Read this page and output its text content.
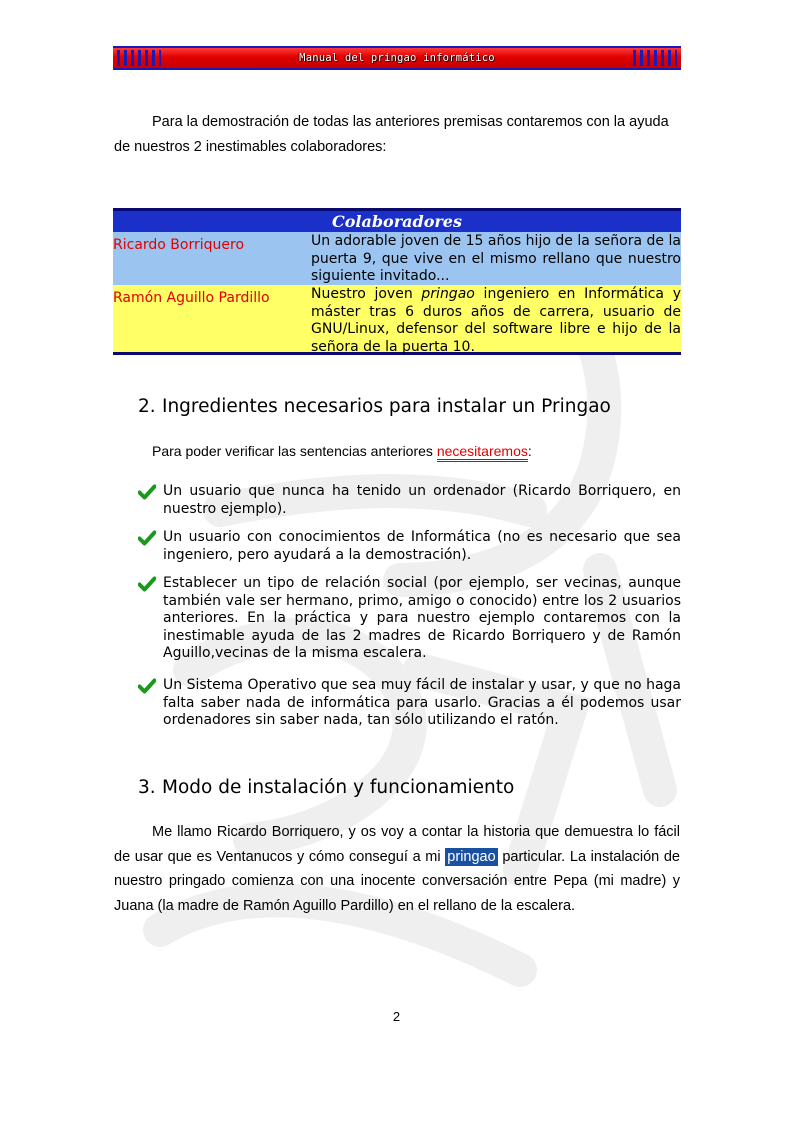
Manual del pringao informático

Para la demostración de todas las anteriores premisas contaremos con la ayuda de nuestros 2 inestimables colaboradores:

Colaboradores
Ricardo Borriquero	Un adorable joven de 15 años hijo de la señora de la puerta 9, que vive en el mismo rellano que nuestro siguiente invitado...
Ramón Aguillo Pardillo	Nuestro joven pringao ingeniero en Informática y máster tras 6 duros años de carrera, usuario de GNU/Linux, defensor del software libre e hijo de la señora de la puerta 10.
2. Ingredientes necesarios para instalar un Pringao

Para poder verificar las sentencias anteriores necesitaremos:

Un usuario que nunca ha tenido un ordenador (Ricardo Borriquero, en nuestro ejemplo).
Un usuario con conocimientos de Informática (no es necesario que sea ingeniero, pero ayudará a la demostración).
Establecer un tipo de relación social (por ejemplo, ser vecinas, aunque también vale ser hermano, primo, amigo o conocido) entre los 2 usuarios anteriores. En la práctica y para nuestro ejemplo contaremos con la inestimable ayuda de las 2 madres de Ricardo Borriquero y de Ramón Aguillo,vecinas de la misma escalera.
Un Sistema Operativo que sea muy fácil de instalar y usar, y que no haga falta saber nada de informática para usarlo. Gracias a él podemos usar ordenadores sin saber nada, tan sólo utilizando el ratón.
3. Modo de instalación y funcionamiento

Me llamo Ricardo Borriquero, y os voy a contar la historia que demuestra lo fácil de usar que es Ventanucos y cómo conseguí a mi pringao particular. La instalación de nuestro pringado comienza con una inocente conversación entre Pepa (mi madre) y Juana (la madre de Ramón Aguillo Pardillo) en el rellano de la escalera.

2
